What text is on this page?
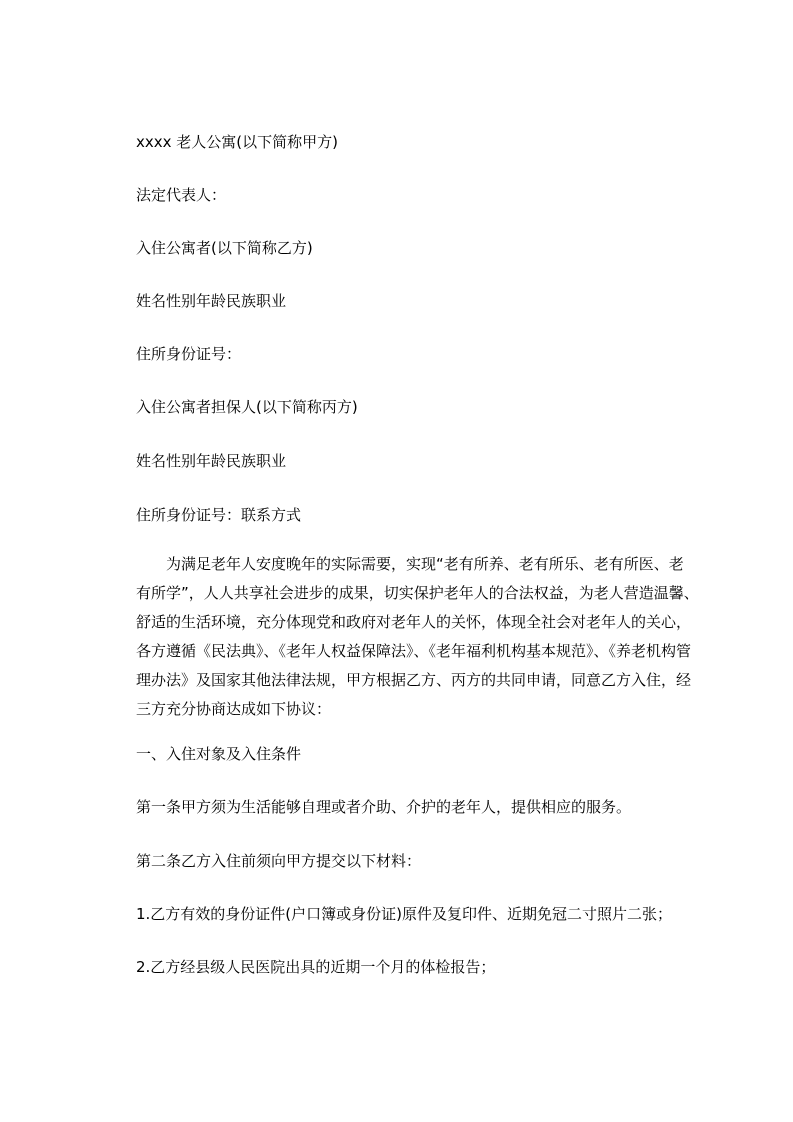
xxxx 老人公寓(以下简称甲方)

法定代表人：

入住公寓者(以下简称乙方)

姓名性别年龄民族职业

住所身份证号：

入住公寓者担保人(以下简称丙方)

姓名性别年龄民族职业

住所身份证号：联系方式

　　为满足老年人安度晚年的实际需要，实现“老有所养、老有所乐、老有所医、老
有所学”，人人共享社会进步的成果，切实保护老年人的合法权益，为老人营造温馨、
舒适的生活环境，充分体现党和政府对老年人的关怀，体现全社会对老年人的关心，
各方遵循《民法典》、《老年人权益保障法》、《老年福利机构基本规范》、《养老机构管
理办法》及国家其他法律法规，甲方根据乙方、丙方的共同申请，同意乙方入住，经
三方充分协商达成如下协议：

一、入住对象及入住条件

第一条甲方须为生活能够自理或者介助、介护的老年人，提供相应的服务。

第二条乙方入住前须向甲方提交以下材料：

1.乙方有效的身份证件(户口簿或身份证)原件及复印件、近期免冠二寸照片二张；

2.乙方经县级人民医院出具的近期一个月的体检报告；
